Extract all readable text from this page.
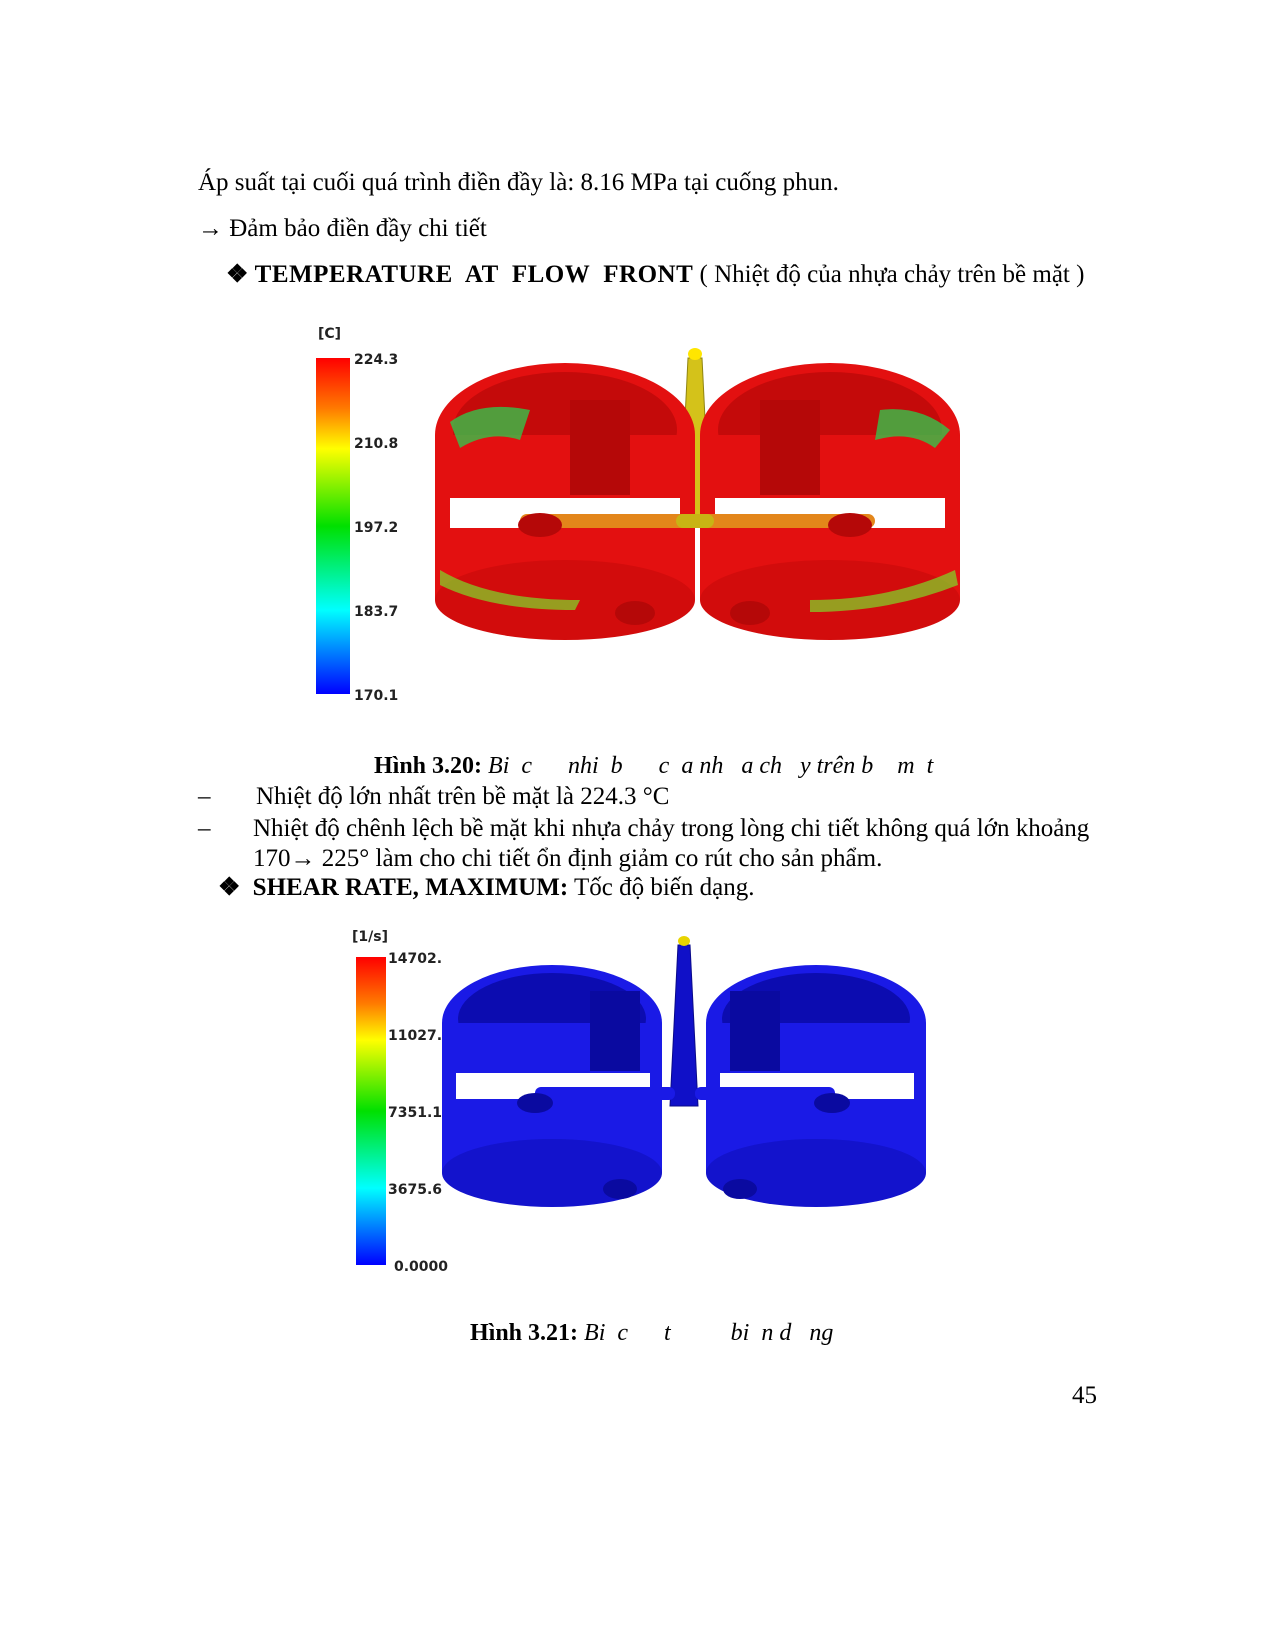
Áp suất tại cuối quá trình điền đầy là: 8.16 MPa tại cuống phun.
→ Đảm bảo điền đầy chi tiết
❖ TEMPERATURE  AT  FLOW  FRONT ( Nhiệt độ của nhựa chảy trên bề mặt )
[C]
224.3
210.8
197.2
183.7
170.1

Hình 3.20: Bi  c      nhi  b      c  a nh   a ch   y trên b    m  t

– Nhiệt độ lớn nhất trên bề mặt là 224.3 °C
– Nhiệt độ chênh lệch bề mặt khi nhựa chảy trong lòng chi tiết không quá lớn khoảng
170→ 225° làm cho chi tiết ổn định giảm co rút cho sản phẩm.
❖ SHEAR RATE, MAXIMUM: Tốc độ biến dạng.
[1/s]
14702.
11027.
7351.1
3675.6
0.0000

Hình 3.21: Bi  c      t          bi  n d   ng

45
